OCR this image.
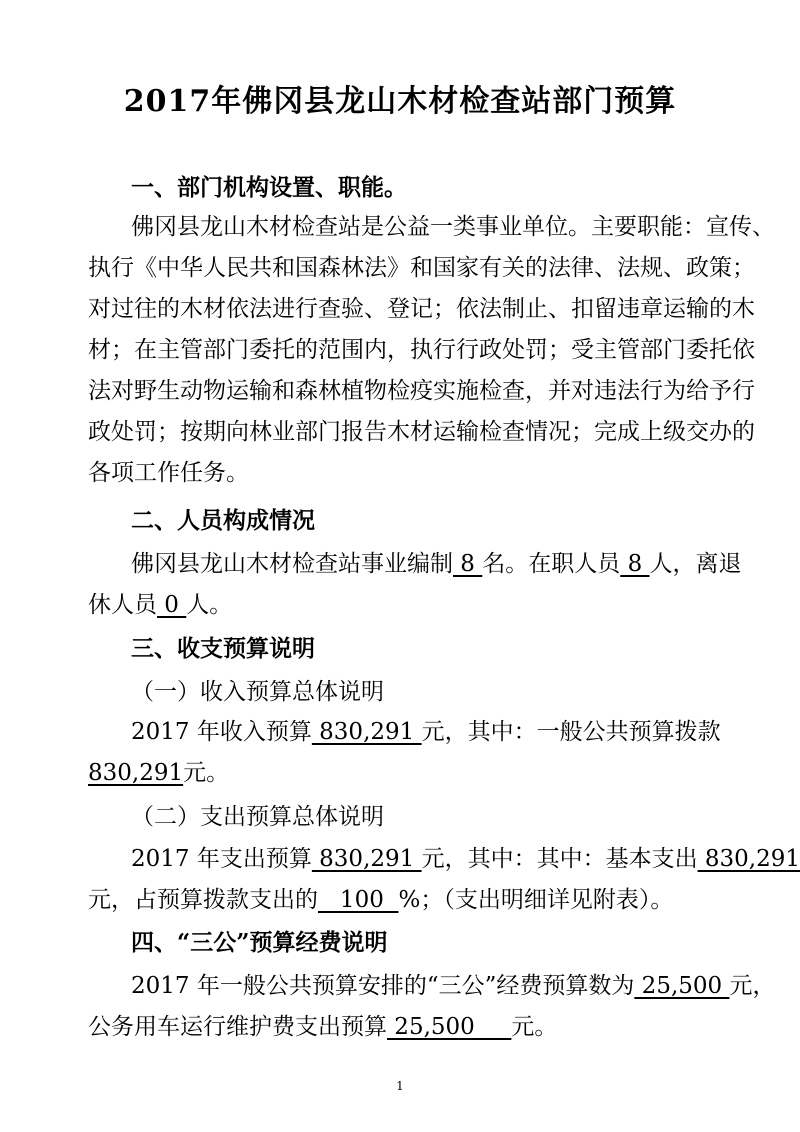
2017年佛冈县龙山木材检查站部门预算
一、部门机构设置、职能。
佛冈县龙山木材检查站是公益一类事业单位。主要职能：宣传、
执行《中华人民共和国森林法》和国家有关的法律、法规、政策；
对过往的木材依法进行查验、登记；依法制止、扣留违章运输的木
材；在主管部门委托的范围内，执行行政处罚；受主管部门委托依
法对野生动物运输和森林植物检疫实施检查，并对违法行为给予行
政处罚；按期向林业部门报告木材运输检查情况；完成上级交办的
各项工作任务。
二、人员构成情况
佛冈县龙山木材检查站事业编制 8 名。在职人员 8 人，离退
休人员 0 人。
三、收支预算说明
（一）收入预算总体说明
2017 年收入预算 830,291 元，其中：一般公共预算拨款
830,291元。
（二）支出预算总体说明
2017 年支出预算 830,291 元，其中：其中：基本支出 830,291
元，占预算拨款支出的   100  %；（支出明细详见附表）。
四、“三公”预算经费说明
2017 年一般公共预算安排的“三公”经费预算数为 25,500 元，
公务用车运行维护费支出预算 25,500     元。
1
